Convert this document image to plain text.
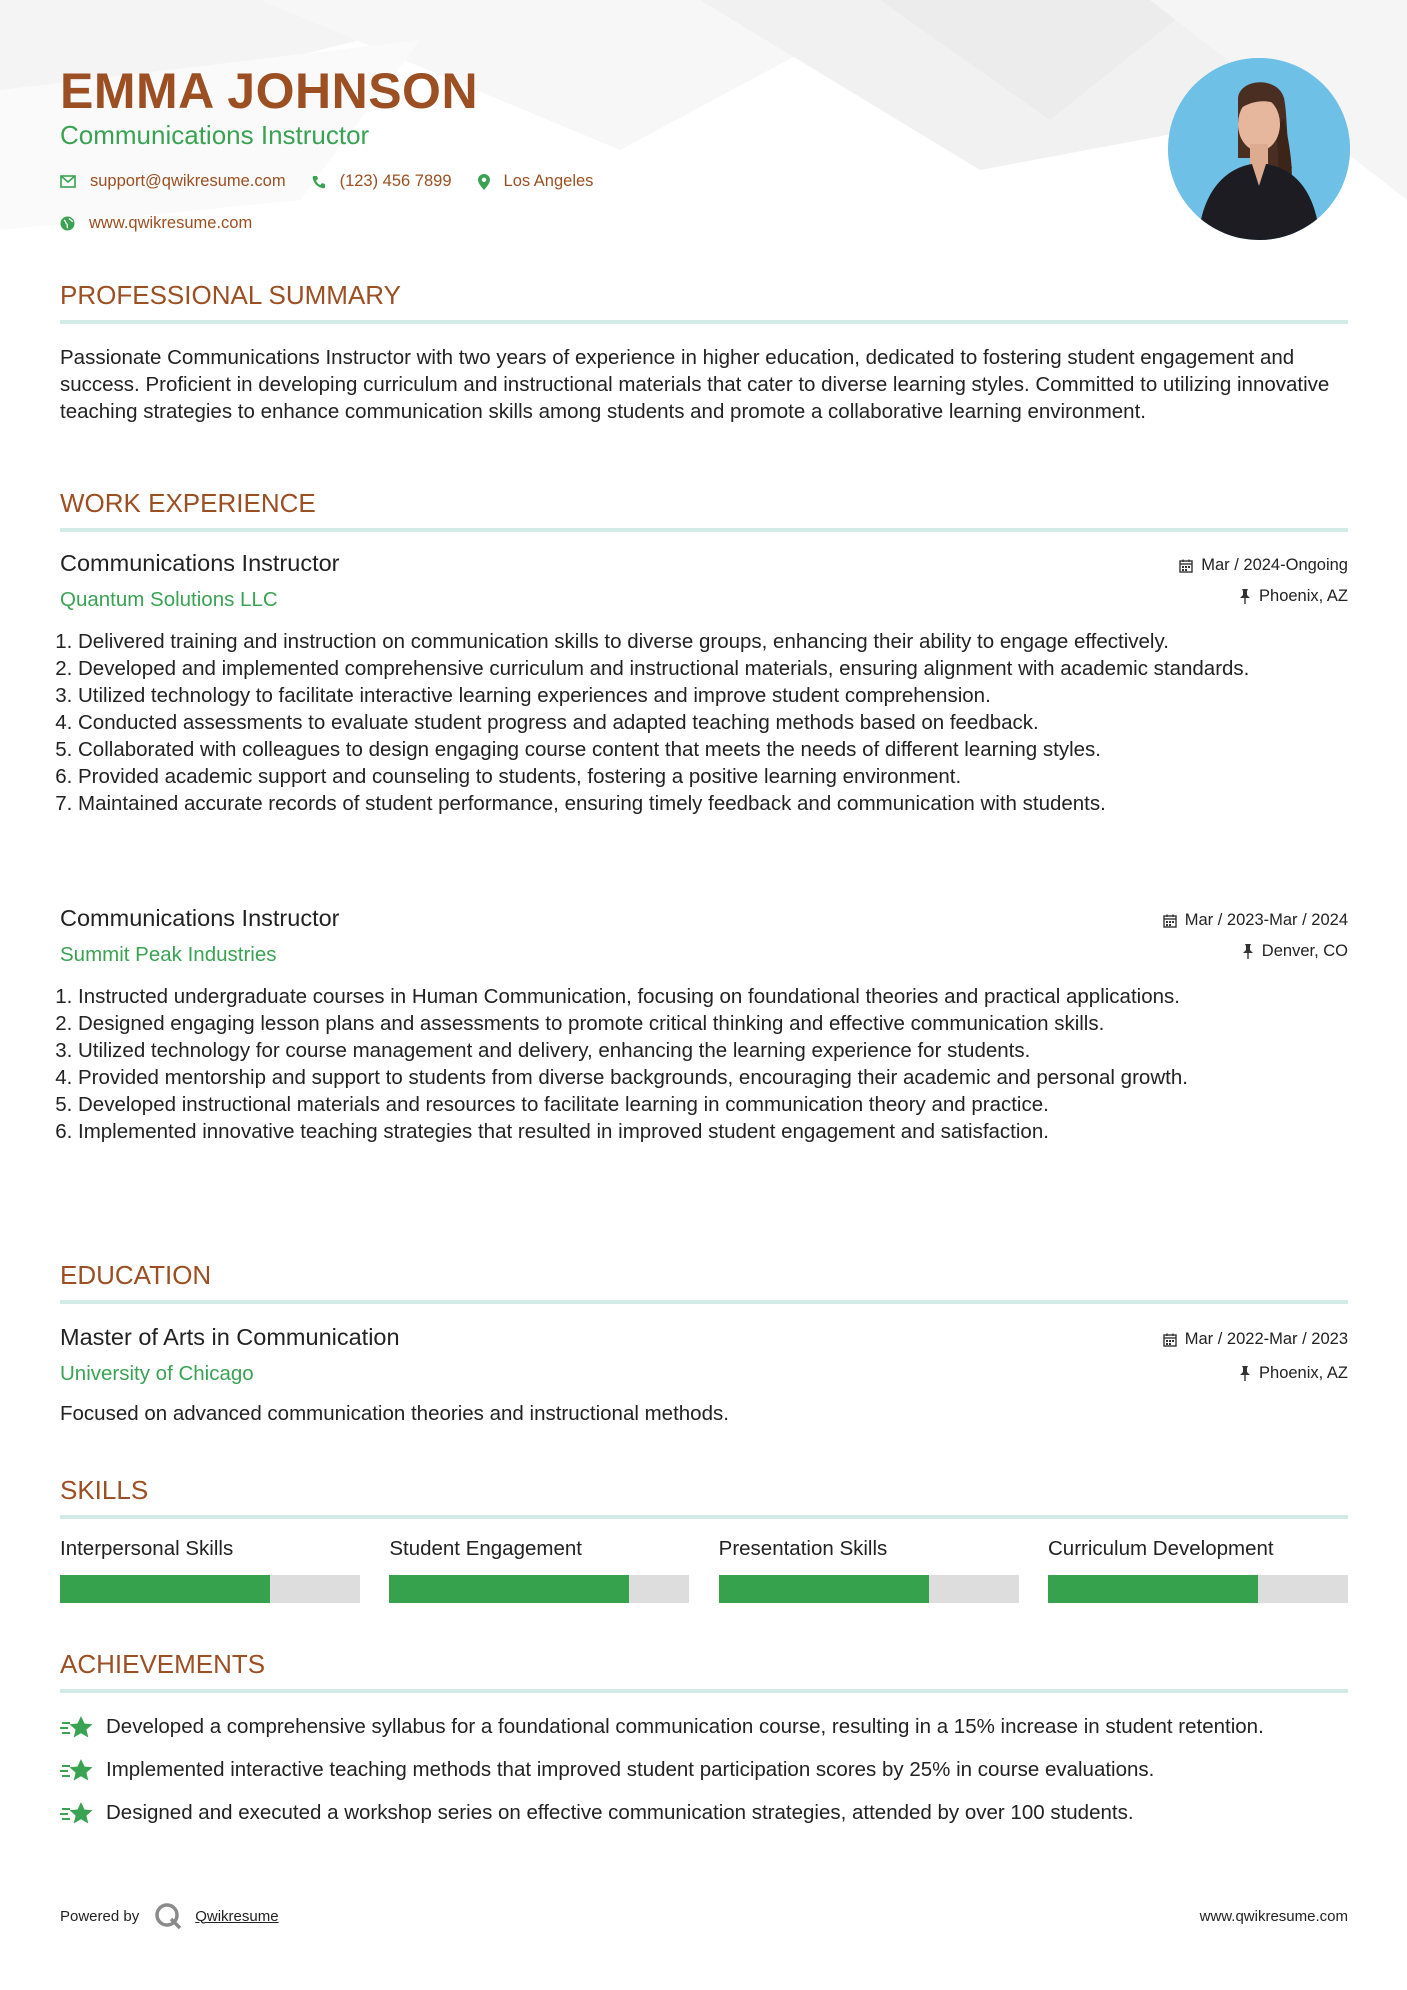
EMMA JOHNSON
Communications Instructor
support@qwikresume.com	(123) 456 7899	Los Angeles
www.qwikresume.com
PROFESSIONAL SUMMARY
Passionate Communications Instructor with two years of experience in higher education, dedicated to fostering student engagement and success. Proficient in developing curriculum and instructional materials that cater to diverse learning styles. Committed to utilizing innovative teaching strategies to enhance communication skills among students and promote a collaborative learning environment.
WORK EXPERIENCE
Communications Instructor
Quantum Solutions LLC
Mar / 2024-Ongoing
Phoenix, AZ
1. Delivered training and instruction on communication skills to diverse groups, enhancing their ability to engage effectively.
2. Developed and implemented comprehensive curriculum and instructional materials, ensuring alignment with academic standards.
3. Utilized technology to facilitate interactive learning experiences and improve student comprehension.
4. Conducted assessments to evaluate student progress and adapted teaching methods based on feedback.
5. Collaborated with colleagues to design engaging course content that meets the needs of different learning styles.
6. Provided academic support and counseling to students, fostering a positive learning environment.
7. Maintained accurate records of student performance, ensuring timely feedback and communication with students.
Communications Instructor
Summit Peak Industries
Mar / 2023-Mar / 2024
Denver, CO
1. Instructed undergraduate courses in Human Communication, focusing on foundational theories and practical applications.
2. Designed engaging lesson plans and assessments to promote critical thinking and effective communication skills.
3. Utilized technology for course management and delivery, enhancing the learning experience for students.
4. Provided mentorship and support to students from diverse backgrounds, encouraging their academic and personal growth.
5. Developed instructional materials and resources to facilitate learning in communication theory and practice.
6. Implemented innovative teaching strategies that resulted in improved student engagement and satisfaction.
EDUCATION
Master of Arts in Communication
University of Chicago
Mar / 2022-Mar / 2023
Phoenix, AZ
Focused on advanced communication theories and instructional methods.
SKILLS
Interpersonal Skills	Student Engagement	Presentation Skills	Curriculum Development
ACHIEVEMENTS
Developed a comprehensive syllabus for a foundational communication course, resulting in a 15% increase in student retention.
Implemented interactive teaching methods that improved student participation scores by 25% in course evaluations.
Designed and executed a workshop series on effective communication strategies, attended by over 100 students.
Powered by	Qwikresume	www.qwikresume.com
